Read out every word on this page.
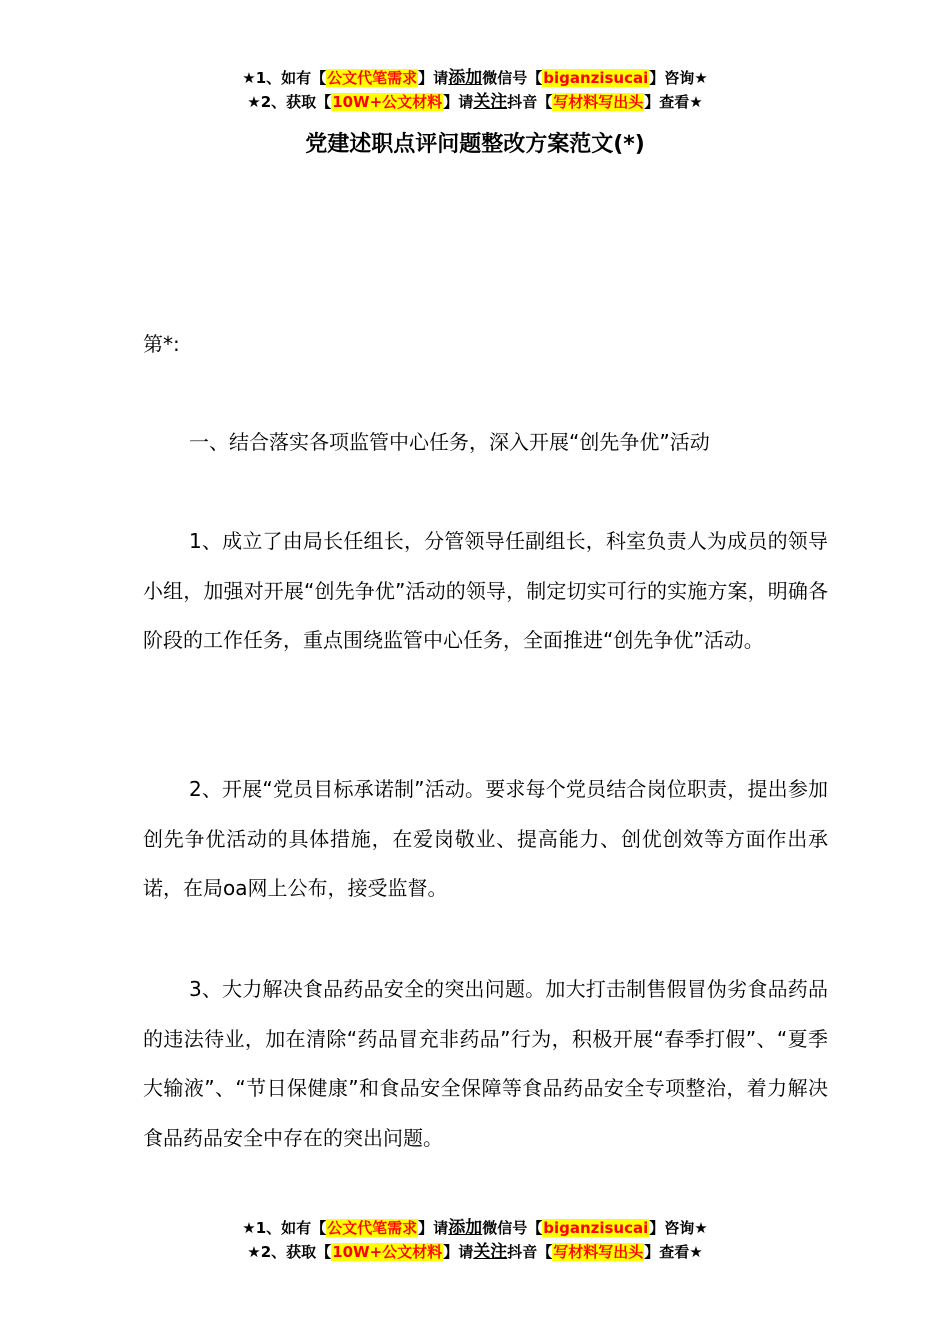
★1、如有【公文代笔需求】请添加微信号【biganzisucai】咨询★
★2、获取【10W+公文材料】请关注抖音【写材料写出头】查看★
党建述职点评问题整改方案范文(*)
第*:
一、结合落实各项监管中心任务，深入开展“创先争优”活动

1、成立了由局长任组长，分管领导任副组长，科室负责人为成员的领导小组，加强对开展“创先争优”活动的领导，制定切实可行的实施方案，明确各阶段的工作任务，重点围绕监管中心任务，全面推进“创先争优”活动。

2、开展“党员目标承诺制”活动。要求每个党员结合岗位职责，提出参加创先争优活动的具体措施，在爱岗敬业、提高能力、创优创效等方面作出承诺，在局oa网上公布，接受监督。

3、大力解决食品药品安全的突出问题。加大打击制售假冒伪劣食品药品的违法待业，加在清除“药品冒充非药品”行为，积极开展“春季打假”、“夏季大输液”、“节日保健康”和食品安全保障等食品药品安全专项整治，着力解决食品药品安全中存在的突出问题。

★1、如有【公文代笔需求】请添加微信号【biganzisucai】咨询★
★2、获取【10W+公文材料】请关注抖音【写材料写出头】查看★
